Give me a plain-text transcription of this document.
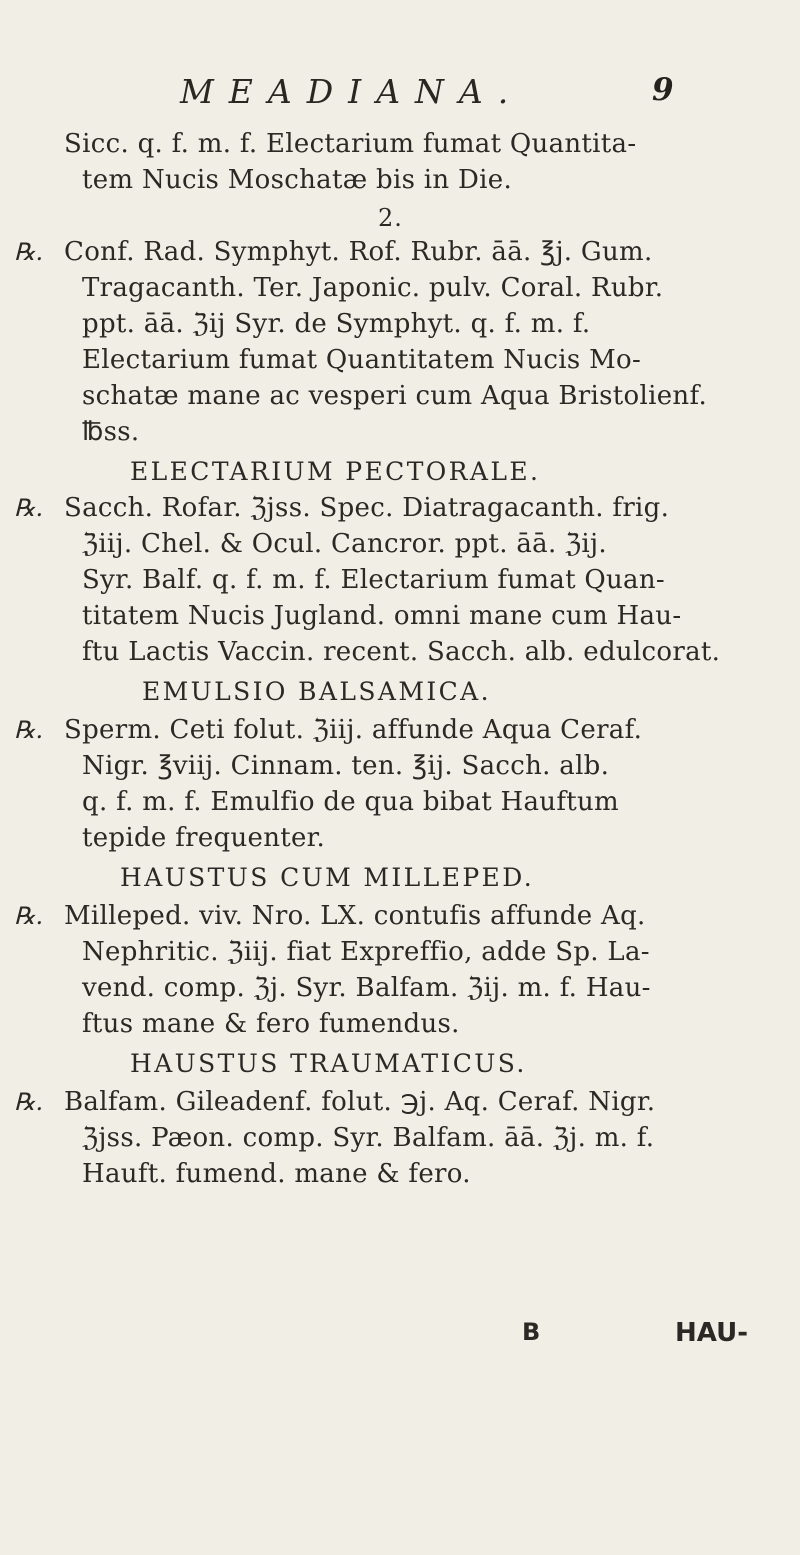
MEADIANA.	9
Sicc. q. f. m. f. Electarium fumat Quantita-
tem Nucis Moschatæ bis in Die.
2.
℞. Conf. Rad. Symphyt. Rof. Rubr. āā. ℥j. Gum.
Tragacanth. Ter. Japonic. pulv. Coral. Rubr.
ppt. āā. ℨij Syr. de Symphyt. q. f. m. f.
Electarium fumat Quantitatem Nucis Mo-
schatæ mane ac vesperi cum Aqua Bristolienf.
℔ss.
ELECTARIUM PECTORALE.
℞. Sacch. Rofar. ℨjss. Spec. Diatragacanth. frig.
ℨiij. Chel. & Ocul. Cancror. ppt. āā. ℨij.
Syr. Balf. q. f. m. f. Electarium fumat Quan-
titatem Nucis Jugland. omni mane cum Hau-
ftu Lactis Vaccin. recent. Sacch. alb. edulcorat.
EMULSIO BALSAMICA.
℞. Sperm. Ceti folut. ℨiij. affunde Aqua Ceraf.
Nigr. ℥viij. Cinnam. ten. ℥ij. Sacch. alb.
q. f. m. f. Emulfio de qua bibat Hauftum
tepide frequenter.
HAUSTUS CUM MILLEPED.
℞. Milleped. viv. Nro. LX. contufis affunde Aq.
Nephritic. ℨiij. fiat Expreffio, adde Sp. La-
vend. comp. ℨj. Syr. Balfam. ℨij. m. f. Hau-
ftus mane & fero fumendus.
HAUSTUS TRAUMATICUS.
℞. Balfam. Gileadenf. folut. ℈j. Aq. Ceraf. Nigr.
ℨjss. Pæon. comp. Syr. Balfam. āā. ℨj. m. f.
Hauft. fumend. mane & fero.
B	HAU-
